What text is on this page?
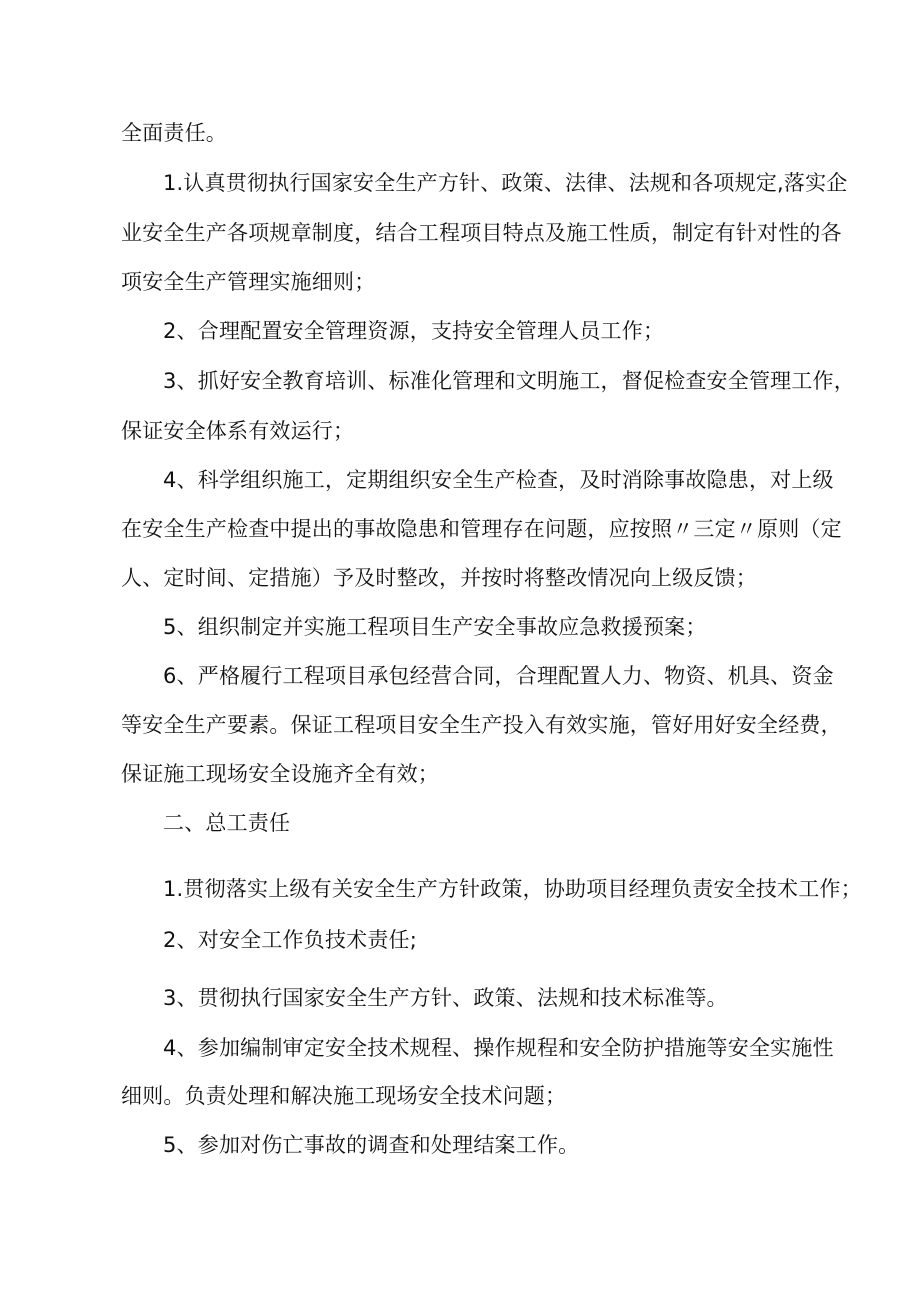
全面责任。
1.认真贯彻执行国家安全生产方针、政策、法律、法规和各项规定,落实企
业安全生产各项规章制度，结合工程项目特点及施工性质，制定有针对性的各
项安全生产管理实施细则；
2、合理配置安全管理资源，支持安全管理人员工作；
3、抓好安全教育培训、标准化管理和文明施工，督促检查安全管理工作，
保证安全体系有效运行；
4、科学组织施工，定期组织安全生产检查，及时消除事故隐患，对上级
在安全生产检查中提出的事故隐患和管理存在问题，应按照〃三定〃原则（定
人、定时间、定措施）予及时整改，并按时将整改情况向上级反馈；
5、组织制定并实施工程项目生产安全事故应急救援预案；
6、严格履行工程项目承包经营合同，合理配置人力、物资、机具、资金
等安全生产要素。保证工程项目安全生产投入有效实施，管好用好安全经费，
保证施工现场安全设施齐全有效；
二、总工责任
1.贯彻落实上级有关安全生产方针政策，协助项目经理负责安全技术工作；
2、对安全工作负技术责任;
3、贯彻执行国家安全生产方针、政策、法规和技术标准等。
4、参加编制审定安全技术规程、操作规程和安全防护措施等安全实施性
细则。负责处理和解决施工现场安全技术问题；
5、参加对伤亡事故的调查和处理结案工作。
